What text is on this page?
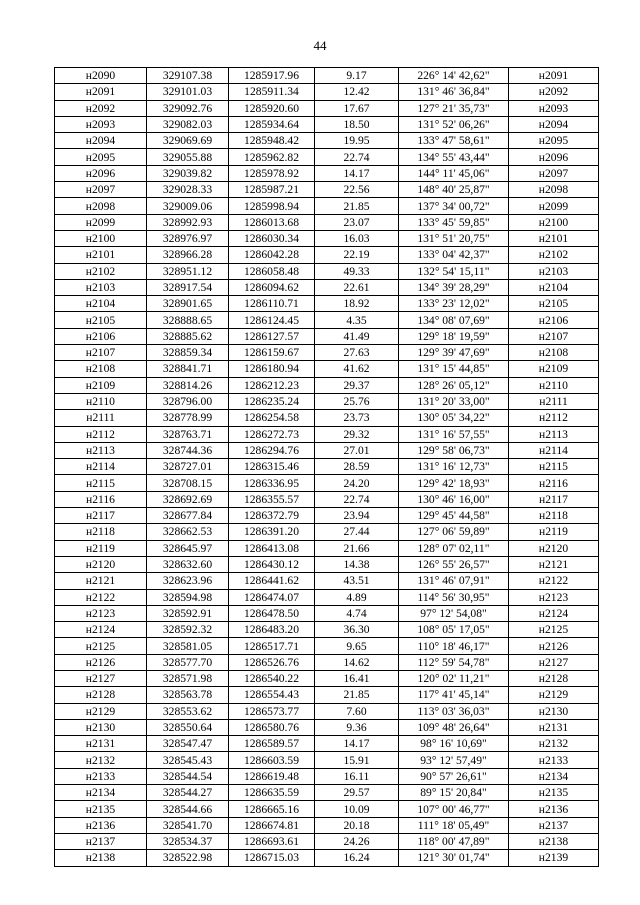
44
н2090	329107.38	1285917.96	9.17	226° 14' 42,62"	н2091
н2091	329101.03	1285911.34	12.42	131° 46' 36,84"	н2092
н2092	329092.76	1285920.60	17.67	127° 21' 35,73"	н2093
н2093	329082.03	1285934.64	18.50	131° 52' 06,26"	н2094
н2094	329069.69	1285948.42	19.95	133° 47' 58,61"	н2095
н2095	329055.88	1285962.82	22.74	134° 55' 43,44"	н2096
н2096	329039.82	1285978.92	14.17	144° 11' 45,06"	н2097
н2097	329028.33	1285987.21	22.56	148° 40' 25,87"	н2098
н2098	329009.06	1285998.94	21.85	137° 34' 00,72"	н2099
н2099	328992.93	1286013.68	23.07	133° 45' 59,85"	н2100
н2100	328976.97	1286030.34	16.03	131° 51' 20,75"	н2101
н2101	328966.28	1286042.28	22.19	133° 04' 42,37"	н2102
н2102	328951.12	1286058.48	49.33	132° 54' 15,11"	н2103
н2103	328917.54	1286094.62	22.61	134° 39' 28,29"	н2104
н2104	328901.65	1286110.71	18.92	133° 23' 12,02"	н2105
н2105	328888.65	1286124.45	4.35	134° 08' 07,69"	н2106
н2106	328885.62	1286127.57	41.49	129° 18' 19,59"	н2107
н2107	328859.34	1286159.67	27.63	129° 39' 47,69"	н2108
н2108	328841.71	1286180.94	41.62	131° 15' 44,85"	н2109
н2109	328814.26	1286212.23	29.37	128° 26' 05,12"	н2110
н2110	328796.00	1286235.24	25.76	131° 20' 33,00"	н2111
н2111	328778.99	1286254.58	23.73	130° 05' 34,22"	н2112
н2112	328763.71	1286272.73	29.32	131° 16' 57,55"	н2113
н2113	328744.36	1286294.76	27.01	129° 58' 06,73"	н2114
н2114	328727.01	1286315.46	28.59	131° 16' 12,73"	н2115
н2115	328708.15	1286336.95	24.20	129° 42' 18,93"	н2116
н2116	328692.69	1286355.57	22.74	130° 46' 16,00"	н2117
н2117	328677.84	1286372.79	23.94	129° 45' 44,58"	н2118
н2118	328662.53	1286391.20	27.44	127° 06' 59,89"	н2119
н2119	328645.97	1286413.08	21.66	128° 07' 02,11"	н2120
н2120	328632.60	1286430.12	14.38	126° 55' 26,57"	н2121
н2121	328623.96	1286441.62	43.51	131° 46' 07,91"	н2122
н2122	328594.98	1286474.07	4.89	114° 56' 30,95"	н2123
н2123	328592.91	1286478.50	4.74	97° 12' 54,08"	н2124
н2124	328592.32	1286483.20	36.30	108° 05' 17,05"	н2125
н2125	328581.05	1286517.71	9.65	110° 18' 46,17"	н2126
н2126	328577.70	1286526.76	14.62	112° 59' 54,78"	н2127
н2127	328571.98	1286540.22	16.41	120° 02' 11,21"	н2128
н2128	328563.78	1286554.43	21.85	117° 41' 45,14"	н2129
н2129	328553.62	1286573.77	7.60	113° 03' 36,03"	н2130
н2130	328550.64	1286580.76	9.36	109° 48' 26,64"	н2131
н2131	328547.47	1286589.57	14.17	98° 16' 10,69"	н2132
н2132	328545.43	1286603.59	15.91	93° 12' 57,49"	н2133
н2133	328544.54	1286619.48	16.11	90° 57' 26,61"	н2134
н2134	328544.27	1286635.59	29.57	89° 15' 20,84"	н2135
н2135	328544.66	1286665.16	10.09	107° 00' 46,77"	н2136
н2136	328541.70	1286674.81	20.18	111° 18' 05,49"	н2137
н2137	328534.37	1286693.61	24.26	118° 00' 47,89"	н2138
н2138	328522.98	1286715.03	16.24	121° 30' 01,74"	н2139
